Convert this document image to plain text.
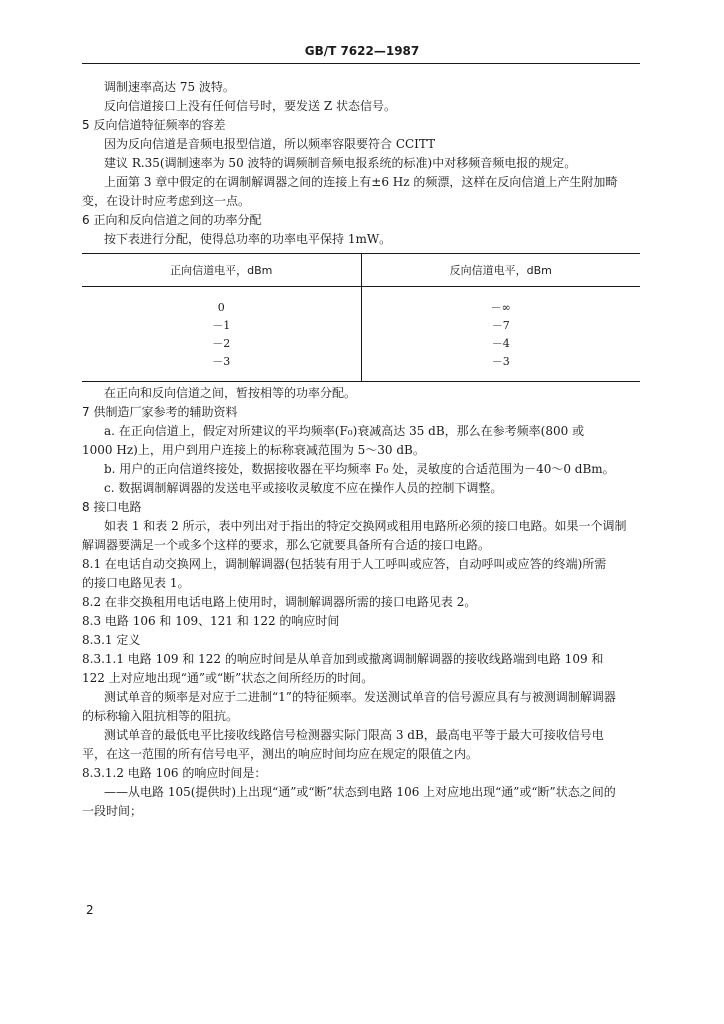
GB/T 7622—1987
调制速率高达 75 波特。
反向信道接口上没有任何信号时，要发送 Z 状态信号。
5 反向信道特征频率的容差
因为反向信道是音频电报型信道，所以频率容限要符合 CCITT
建议 R.35(调制速率为 50 波特的调频制音频电报系统的标准)中对移频音频电报的规定。
上面第 3 章中假定的在调制解调器之间的连接上有±6 Hz 的频漂，这样在反向信道上产生附加畸
变，在设计时应考虑到这一点。
6 正向和反向信道之间的功率分配
按下表进行分配，使得总功率的功率电平保持 1mW。
正向信道电平，dBm	反向信道电平，dBm
0	－∞
－1	－7
－2	－4
－3	－3
在正向和反向信道之间，暂按相等的功率分配。
7 供制造厂家参考的辅助资料
a. 在正向信道上，假定对所建议的平均频率(F₀)衰减高达 35 dB，那么在参考频率(800 或
1000 Hz)上，用户到用户连接上的标称衰减范围为 5～30 dB。
b. 用户的正向信道终接处，数据接收器在平均频率 F₀ 处，灵敏度的合适范围为－40～0 dBm。
c. 数据调制解调器的发送电平或接收灵敏度不应在操作人员的控制下调整。
8 接口电路
如表 1 和表 2 所示，表中列出对于指出的特定交换网或租用电路所必须的接口电路。如果一个调制
解调器要满足一个或多个这样的要求，那么它就要具备所有合适的接口电路。
8.1 在电话自动交换网上，调制解调器(包括装有用于人工呼叫或应答，自动呼叫或应答的终端)所需
的接口电路见表 1。
8.2 在非交换租用电话电路上使用时，调制解调器所需的接口电路见表 2。
8.3 电路 106 和 109、121 和 122 的响应时间
8.3.1 定义
8.3.1.1 电路 109 和 122 的响应时间是从单音加到或撤离调制解调器的接收线路端到电路 109 和
122 上对应地出现“通”或“断”状态之间所经历的时间。
测试单音的频率是对应于二进制“1”的特征频率。发送测试单音的信号源应具有与被测调制解调器
的标称输入阻抗相等的阻抗。
测试单音的最低电平比接收线路信号检测器实际门限高 3 dB，最高电平等于最大可接收信号电
平，在这一范围的所有信号电平，测出的响应时间均应在规定的限值之内。
8.3.1.2 电路 106 的响应时间是：
——从电路 105(提供时)上出现“通”或“断”状态到电路 106 上对应地出现“通”或“断”状态之间的
一段时间；
2
